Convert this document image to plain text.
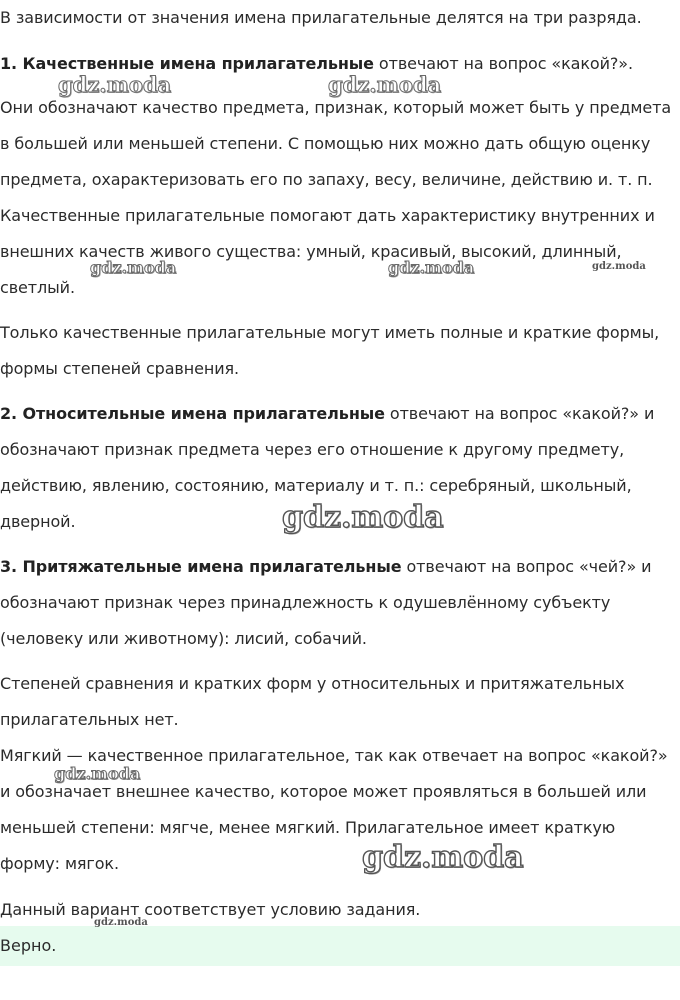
В зависимости от значения имена прилагательные делятся на три разряда.
1. Качественные имена прилагательные отвечают на вопрос «какой?».
Они обозначают качество предмета, признак, который может быть у предмета
в большей или меньшей степени. С помощью них можно дать общую оценку
предмета, охарактеризовать его по запаху, весу, величине, действию и. т. п.
Качественные прилагательные помогают дать характеристику внутренних и
внешних качеств живого существа: умный, красивый, высокий, длинный,
светлый.
Только качественные прилагательные могут иметь полные и краткие формы,
формы степеней сравнения.
2. Относительные имена прилагательные отвечают на вопрос «какой?» и
обозначают признак предмета через его отношение к другому предмету,
действию, явлению, состоянию, материалу и т. п.: серебряный, школьный,
дверной.
3. Притяжательные имена прилагательные отвечают на вопрос «чей?» и
обозначают признак через принадлежность к одушевлённому субъекту
(человеку или животному): лисий, собачий.
Степеней сравнения и кратких форм у относительных и притяжательных
прилагательных нет.
Мягкий — качественное прилагательное, так как отвечает на вопрос «какой?»
и обозначает внешнее качество, которое может проявляться в большей или
меньшей степени: мягче, менее мягкий. Прилагательное имеет краткую
форму: мягок.
Данный вариант соответствует условию задания.
Верно.
gdz.moda	gdz.moda
gdz.moda	gdz.moda	gdz.moda
gdz.moda
gdz.moda
gdz.moda
gdz.moda
